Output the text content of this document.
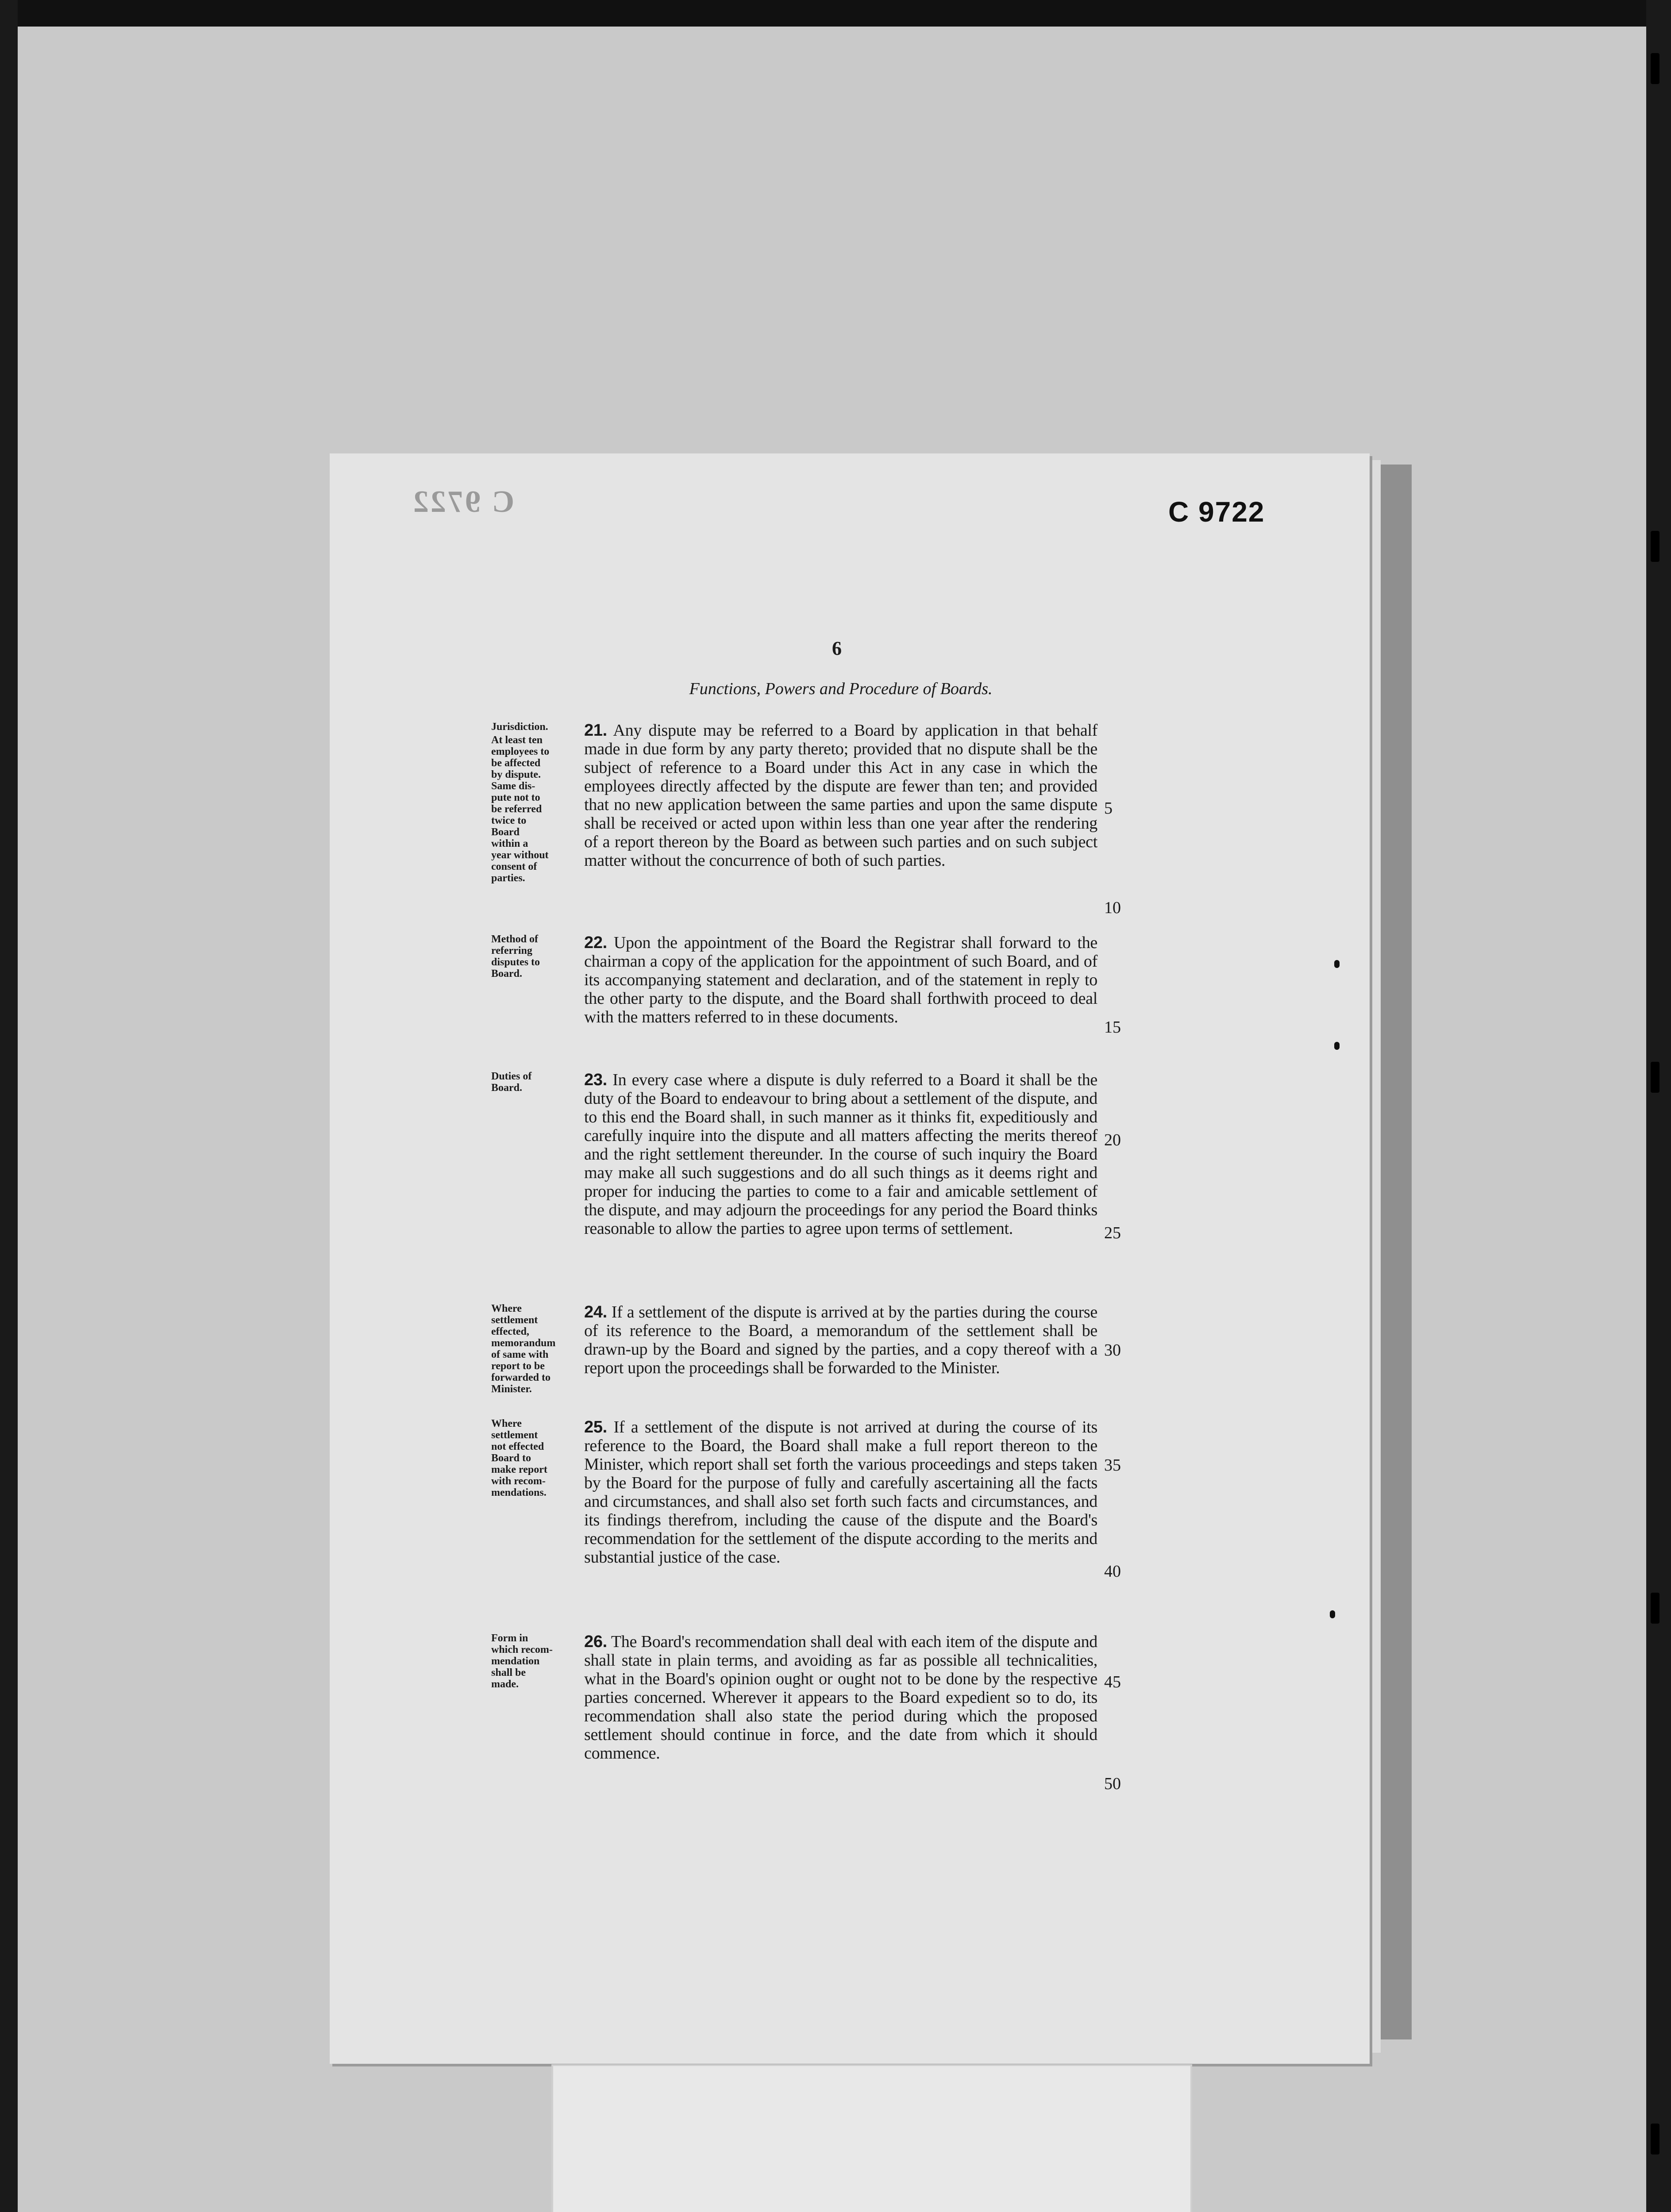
C 9722	C 9722
6
Functions, Powers and Procedure of Boards.
Jurisdiction.
At least ten
employees to
be affected
by dispute.
Same dis-
pute not to
be referred
twice to
Board
within a
year without
consent of
parties.

21. Any dispute may be referred to a Board by application in that behalf made in due form by any party thereto; provided that no dispute shall be the subject of reference to a Board under this Act in any case in which the employees directly affected by the dispute are fewer than ten; and provided that no new application between the same parties and upon the same dispute shall be received or acted upon within less than one year after the rendering of a report thereon by the Board as between such parties and on such subject matter without the concurrence of both of such parties.

Method of
referring
disputes to
Board.

22. Upon the appointment of the Board the Registrar shall forward to the chairman a copy of the application for the appointment of such Board, and of its accompanying statement and declaration, and of the statement in reply to the other party to the dispute, and the Board shall forthwith proceed to deal with the matters referred to in these documents.

Duties of
Board.	23. In every case where a dispute is duly referred to a Board it shall be the duty of the Board to endeavour to bring about a settlement of the dispute, and to this end the Board shall, in such manner as it thinks fit, expeditiously and carefully inquire into the dispute and all matters affecting the merits thereof and the right settlement thereunder. In the course of such inquiry the Board may make all such suggestions and do all such things as it deems right and proper for inducing the parties to come to a fair and amicable settlement of the dispute, and may adjourn the proceedings for any period the Board thinks reasonable to allow the parties to agree upon terms of settlement.

Where
settlement
effected,
memorandum
of same with
report to be
forwarded to
Minister.

24. If a settlement of the dispute is arrived at by the parties during the course of its reference to the Board, a memorandum of the settlement shall be drawn-up by the Board and signed by the parties, and a copy thereof with a report upon the proceedings shall be forwarded to the Minister.

Where
settlement
not effected
Board to
make report
with recom-
mendations.

25. If a settlement of the dispute is not arrived at during the course of its reference to the Board, the Board shall make a full report thereon to the Minister, which report shall set forth the various proceedings and steps taken by the Board for the purpose of fully and carefully ascertaining all the facts and circumstances, and shall also set forth such facts and circumstances, and its findings therefrom, including the cause of the dispute and the Board's recommendation for the settlement of the dispute according to the merits and substantial justice of the case.

Form in
which recom-
mendation
shall be
made.

26. The Board's recommendation shall deal with each item of the dispute and shall state in plain terms, and avoiding as far as possible all technicalities, what in the Board's opinion ought or ought not to be done by the respective parties concerned. Wherever it appears to the Board expedient so to do, its recommendation shall also state the period during which the proposed settlement should continue in force, and the date from which it should commence.

5
10
15
20
25
30
35
40
45
50
